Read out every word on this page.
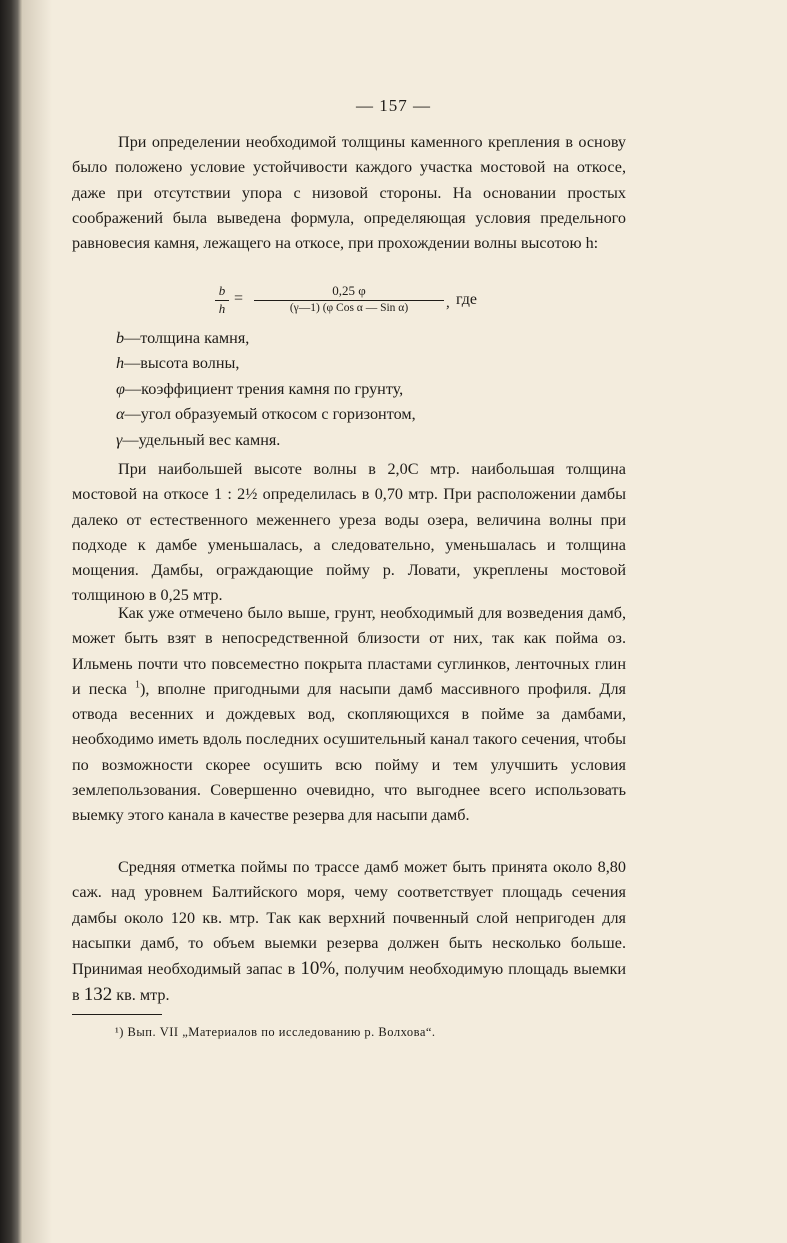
— 157 —
При определении необходимой толщины каменного крепления в основу было положено условие устойчивости каждого участка мостовой на откосе, даже при отсутствии упора с низовой стороны. На основании простых соображений была выведена формула, определяющая условия предельного равновесия камня, лежащего на откосе, при прохождении волны высотою h:
b
h
=	0,25 φ
(γ—1) (φ Cos α — Sin α)	, где
b—толщина камня,
h—высота волны,
φ—коэффициент трения камня по грунту,
α—угол образуемый откосом с горизонтом,
γ—удельный вес камня.

При наибольшей высоте волны в 2,0С мтр. наибольшая толщина мостовой на откосе 1 : 2½ определилась в 0,70 мтр. При расположении дамбы далеко от естественного меженнего уреза воды озера, величина волны при подходе к дамбе уменьшалась, а следовательно, уменьшалась и толщина мощения. Дамбы, ограждающие пойму р. Ловати, укреплены мостовой толщиною в 0,25 мтр.

Как уже отмечено было выше, грунт, необходимый для возведения дамб, может быть взят в непосредственной близости от них, так как пойма оз. Ильмень почти что повсеместно покрыта пластами суглинков, ленточных глин и песка $^1$), вполне пригодными для насыпи дамб массивного профиля. Для отвода весенних и дождевых вод, скопляющихся в пойме за дамбами, необходимо иметь вдоль последних осушительный канал такого сечения, чтобы по возможности скорее осушить всю пойму и тем улучшить условия землепользования. Совершенно очевидно, что выгоднее всего использовать выемку этого канала в качестве резерва для насыпи дамб.

Средняя отметка поймы по трассе дамб может быть принята около 8,80 саж. над уровнем Балтийского моря, чему соответствует площадь сечения дамбы около 120 кв. мтр. Так как верхний почвенный слой непригоден для насыпки дамб, то объем выемки резерва должен быть несколько больше. Принимая необходимый запас в 10%, получим необходимую площадь выемки в 132 кв. мтр.

¹) Вып. VII „Материалов по исследованию р. Волхова“.
